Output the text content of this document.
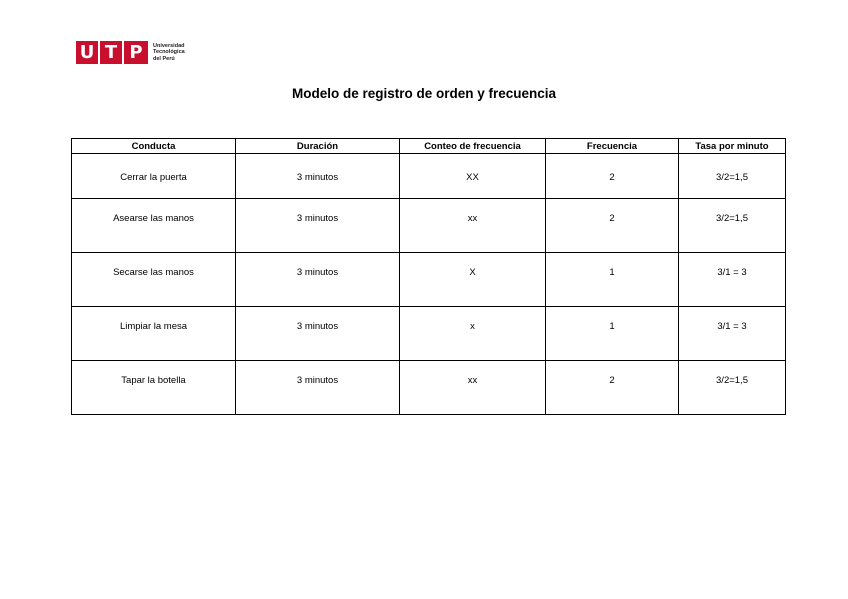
U T P	Universidad
Tecnológica
del Perú
Modelo de registro de orden y frecuencia
Conducta	Duración	Conteo de frecuencia	Frecuencia	Tasa por minuto
Cerrar la puerta	3 minutos	XX	2	3/2=1,5
Asearse las manos	3 minutos	xx	2	3/2=1,5
Secarse las manos	3 minutos	X	1	3/1 = 3
Limpiar la mesa	3 minutos	x	1	3/1 = 3
Tapar la botella	3 minutos	xx	2	3/2=1,5
